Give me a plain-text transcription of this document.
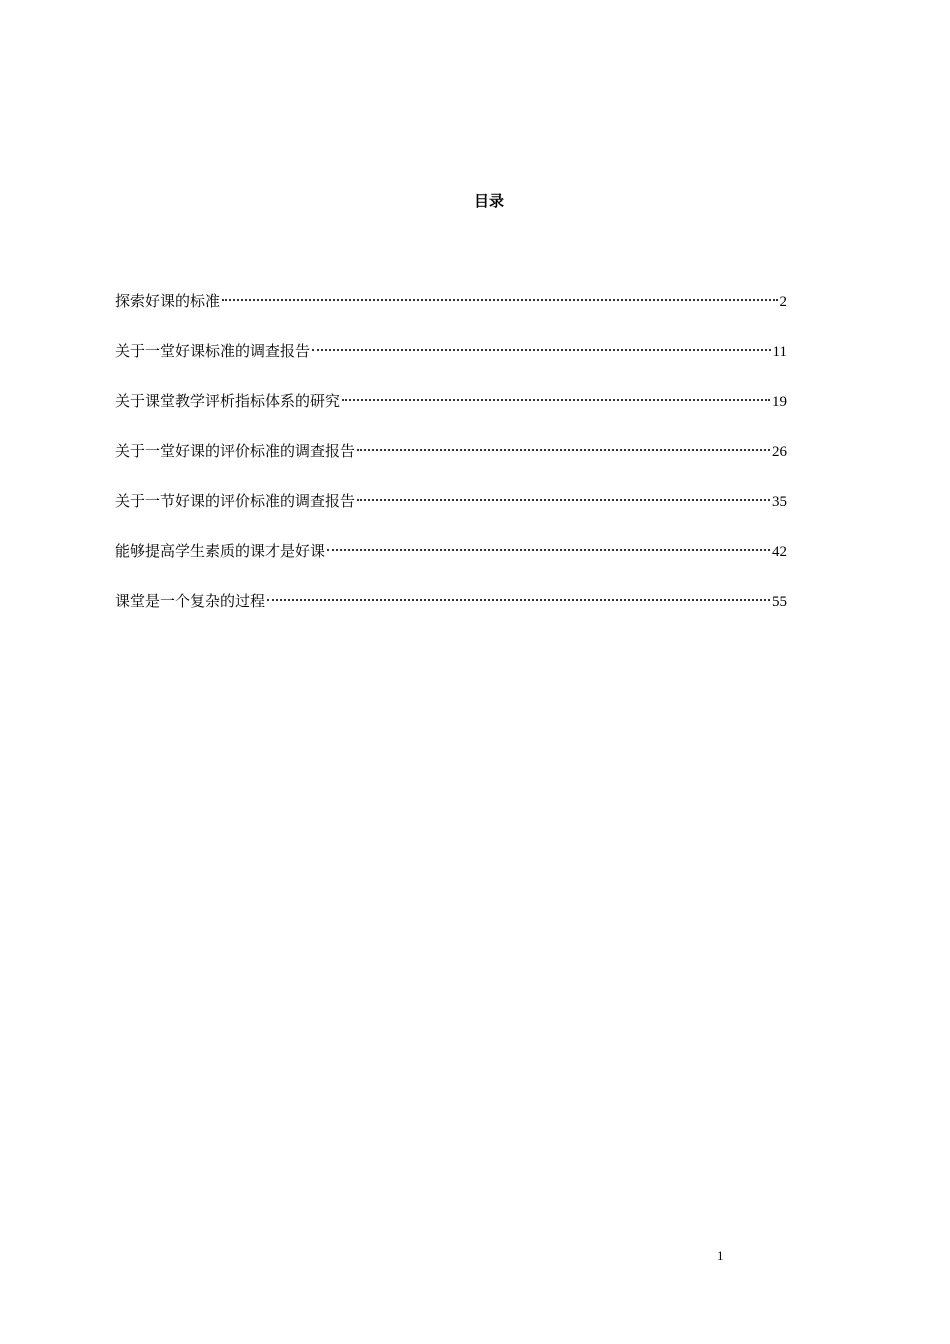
目录
探索好课的标准	2
关于一堂好课标准的调查报告	11
关于课堂教学评析指标体系的研究	19
关于一堂好课的评价标准的调查报告	26
关于一节好课的评价标准的调查报告	35
能够提高学生素质的课才是好课	42
课堂是一个复杂的过程	55
1
